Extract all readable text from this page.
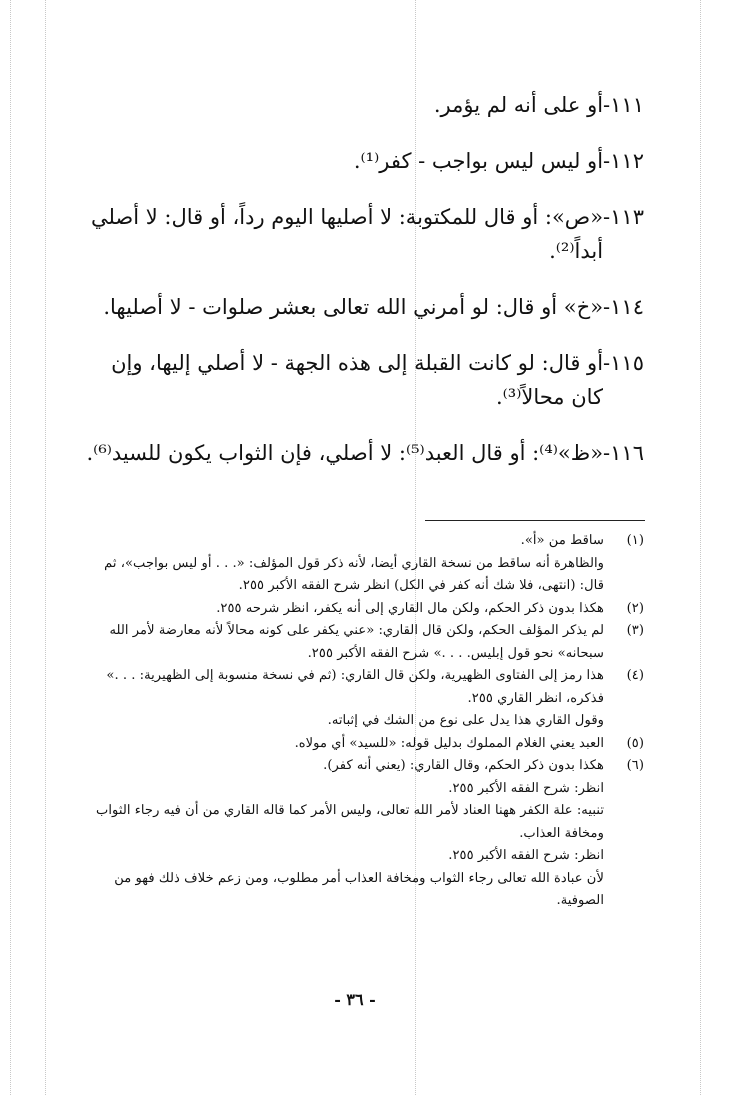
١١١-
أو على أنه لم يؤمر.
١١٢-
أو ليس ليس بواجب - كفر⁽¹⁾.
١١٣-
«ص»: أو قال للمكتوبة: لا أصليها اليوم رداً، أو قال: لا أصلي أبداً⁽²⁾.
١١٤-
«خ» أو قال: لو أمرني الله تعالى بعشر صلوات - لا أصليها.
١١٥-
أو قال: لو كانت القبلة إلى هذه الجهة - لا أصلي إليها، وإن كان محالاً⁽³⁾.
١١٦-
«ظ»⁽⁴⁾: أو قال العبد⁽⁵⁾: لا أصلي، فإن الثواب يكون للسيد⁽⁶⁾.
(١)
ساقط من «أ».
والظاهرة أنه ساقط من نسخة القاري أيضا، لأنه ذكر قول المؤلف: «. . . أو ليس بواجب»، ثم قال: (انتهى، فلا شك أنه كفر في الكل) انظر شرح الفقه الأكبر ٢٥٥.
(٢)
هكذا بدون ذكر الحكم، ولكن مال القاري إلى أنه يكفر، انظر شرحه ٢٥٥.
(٣)
لم يذكر المؤلف الحكم، ولكن قال القاري: «عني يكفر على كونه محالاً لأنه معارضة لأمر الله سبحانه» نحو قول إبليس. . . .» شرح الفقه الأكبر ٢٥٥.
(٤)
هذا رمز إلى الفتاوى الظهيرية، ولكن قال القاري: (ثم في نسخة منسوبة إلى الظهيرية: . . .» فذكره، انظر القاري ٢٥٥.
وقول القاري هذا يدل على نوع من الشك في إثباته.
(٥)
العبد يعني الغلام المملوك بدليل قوله: «للسيد» أي مولاه.
(٦)
هكذا بدون ذكر الحكم، وقال القاري: (يعني أنه كفر).
انظر: شرح الفقه الأكبر ٢٥٥.
تنبيه: علة الكفر ههنا العناد لأمر الله تعالى، وليس الأمر كما قاله القاري من أن فيه رجاء الثواب ومخافة العذاب.
انظر: شرح الفقه الأكبر ٢٥٥.
لأن عبادة الله تعالى رجاء الثواب ومخافة العذاب أمر مطلوب، ومن زعم خلاف ذلك فهو من الصوفية.
- ٣٦ -
